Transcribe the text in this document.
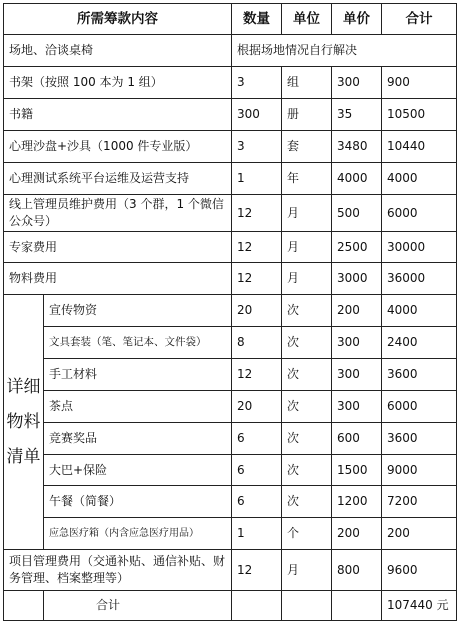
所需筹款内容		数量	单位	单价	合计
场地、洽谈桌椅		根据场地情况自行解决			
书架（按照 100 本为 1 组）		3	组	300	900
书籍		300	册	35	10500
心理沙盘+沙具（1000 件专业版）		3	套	3480	10440
心理测试系统平台运维及运营支持		1	年	4000	4000
线上管理员维护费用（3 个群，1 个微信公众号）		12	月	500	6000
专家费用		12	月	2500	30000
物料费用		12	月	3000	36000
详细物料清单	宣传物资	20	次	200	4000
	文具套装（笔、笔记本、文件袋）	8	次	300	2400
	手工材料	12	次	300	3600
	茶点	20	次	300	6000
	竞赛奖品	6	次	600	3600
	大巴+保险	6	次	1500	9000
	午餐（简餐）	6	次	1200	7200
	应急医疗箱（内含应急医疗用品）	1	个	200	200
项目管理费用（交通补贴、通信补贴、财务管理、档案整理等）		12	月	800	9600
	合计				107440 元
